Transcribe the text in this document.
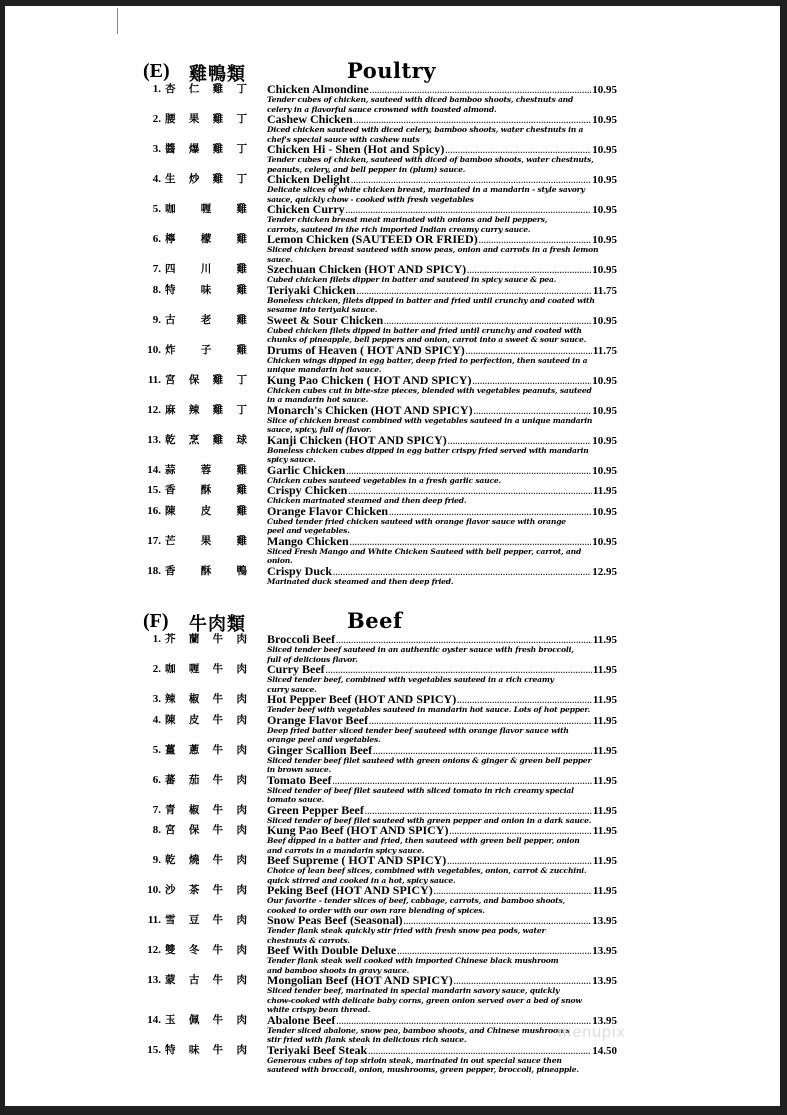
(E) 雞鴨類	Poultry
1. 杏仁雞丁 Chicken Almondine .....	10.95
Tender cubes of chicken, sauteed with diced bamboo shoots, chestnuts and
celery in a flavorful sauce crowned with toasted almond.
2. 腰果雞丁 Cashew Chicken .....	10.95
Diced chicken sauteed with diced celery, bamboo shoots, water chestnuts in a
chef's special sauce with cashew nuts
3. 醬爆雞丁 Chicken Hi - Shen (Hot and Spicy) .....	10.95
Tender cubes of chicken, sauteed with diced of bamboo shoots, water chestnuts,
peanuts, celery, and bell pepper in (plum) sauce.
4. 生炒雞丁 Chicken Delight .....	10.95
Delicate slices of white chicken breast, marinated in a mandarin - style savory
sauce, quickly chow - cooked with fresh vegetables
5. 咖喱雞 Chicken Curry .....	10.95
Tender chicken breast meat marinated with onions and bell peppers,
carrots, sauteed in the rich imported Indian creamy curry sauce.
6. 檸檬雞 Lemon Chicken (SAUTEED OR FRIED) .....	10.95
Sliced chicken breast sauteed with snow peas, onion and carrots in a fresh lemon
sauce.
7. 四川雞 Szechuan Chicken (HOT AND SPICY) .....	10.95
Cubed chicken filets dipper in batter and sauteed in spicy sauce & pea.
8. 特味雞 Teriyaki Chicken .....	11.75
Boneless chicken, filets dipped in batter and fried until crunchy and coated with
sesame into teriyaki sauce.
9. 古老雞 Sweet & Sour Chicken .....	10.95
Cubed chicken filets dipped in batter and fried until crunchy and coated with
chunks of pineapple, bell peppers and onion, carrot into a sweet & sour sauce.
10. 炸子雞 Drums of Heaven ( HOT AND SPICY) .....	11.75
Chicken wings dipped in egg batter, deep fried to perfection, then sauteed in a
unique mandarin hot sauce.
11. 宮保雞丁 Kung Pao Chicken ( HOT AND SPICY) .....	10.95
Chicken cubes cut in bite-size pieces, blended with vegetables peanuts, sauteed
in a mandarin hot sauce.
12. 麻辣雞丁 Monarch's Chicken (HOT AND SPICY) .....	10.95
Slice of chicken breast combined with vegetables sauteed in a unique mandarin
sauce, spicy, full of flavor.
13. 乾烹雞球 Kanji Chicken (HOT AND SPICY) .....	10.95
Boneless chicken cubes dipped in egg batter crispy fried served with mandarin
spicy sauce.
14. 蒜蓉雞 Garlic Chicken .....	10.95
Chicken cubes sauteed vegetables in a fresh garlic sauce.
15. 香酥雞 Crispy Chicken .....	11.95
Chicken marinated steamed and then deep fried.
16. 陳皮雞 Orange Flavor Chicken .....	10.95
Cubed tender fried chicken sauteed with orange flavor sauce with orange
peel and vegetables.
17. 芒果雞 Mango Chicken .....	10.95
Sliced Fresh Mango and White Chicken Sauteed with bell pepper, carrot, and
onion.
18. 香酥鴨 Crispy Duck .....	12.95
Marinated duck steamed and then deep fried.
(F) 牛肉類	Beef
1. 芥蘭牛肉 Broccoli Beef .....	11.95
Sliced tender beef sauteed in an authentic oyster sauce with fresh broccoli,
full of delicious flavor.
2. 咖喱牛肉 Curry Beef .....	11.95
Sliced tender beef, combined with vegetables sauteed in a rich creamy
curry sauce.
3. 辣椒牛肉 Hot Pepper Beef (HOT AND SPICY) .....	11.95
Tender beef with vegetables sauteed in mandarin hot sauce. Lots of hot pepper.
4. 陳皮牛肉 Orange Flavor Beef .....	11.95
Deep fried batter sliced tender beef sauteed with orange flavor sauce with
orange peel and vegetables.
5. 薑蔥牛肉 Ginger Scallion Beef .....	11.95
Sliced tender beef filet sauteed with green onions & ginger & green bell pepper
in brown sauce.
6. 蕃茄牛肉 Tomato Beef .....	11.95
Sliced tender of beef filet sauteed with sliced tomato in rich creamy special
tomato sauce.
7. 青椒牛肉 Green Pepper Beef .....	11.95
Sliced tender of beef filet sauteed with green pepper and onion in a dark sauce.
8. 宮保牛肉 Kung Pao Beef (HOT AND SPICY) .....	11.95
Beef dipped in a batter and fried, then sauteed with green bell pepper, onion
and carrots in a mandarin spicy sauce.
9. 乾燒牛肉 Beef Supreme ( HOT AND SPICY) .....	11.95
Choice of lean beef slices, combined with vegetables, onion, carrot & zucchini.
quick stirred and cooked in a hot, spicy sauce.
10. 沙茶牛肉 Peking Beef (HOT AND SPICY) .....	11.95
Our favorite - tender slices of beef, cabbage, carrots, and bamboo shoots,
cooked to order with our own rare blending of spices.
11. 雪豆牛肉 Snow Peas Beef (Seasonal) .....	13.95
Tender flank steak quickly stir fried with fresh snow pea pods, water
chestnuts & carrots.
12. 雙冬牛肉 Beef With Double Deluxe .....	13.95
Tender flank steak well cooked with imported Chinese black mushroom
and bamboo shoots in gravy sauce.
13. 蒙古牛肉 Mongolian Beef (HOT AND SPICY) .....	13.95
Sliced tender beef, marinated in special mandarin savory sauce, quickly
chow-cooked with delicate baby corns, green onion served over a bed of snow
white crispy bean thread.
14. 玉佩牛肉 Abalone Beef .....	13.95
Tender sliced abalone, snow pea, bamboo shoots, and Chinese mushrooms
stir fried with flank steak in delicious rich sauce.
15. 特味牛肉 Teriyaki Beef Steak .....	14.50
Generous cubes of top sirloin steak, marinated in out special sauce then
sauteed with broccoli, onion, mushrooms, green pepper, broccoli, pineapple.
menupix
